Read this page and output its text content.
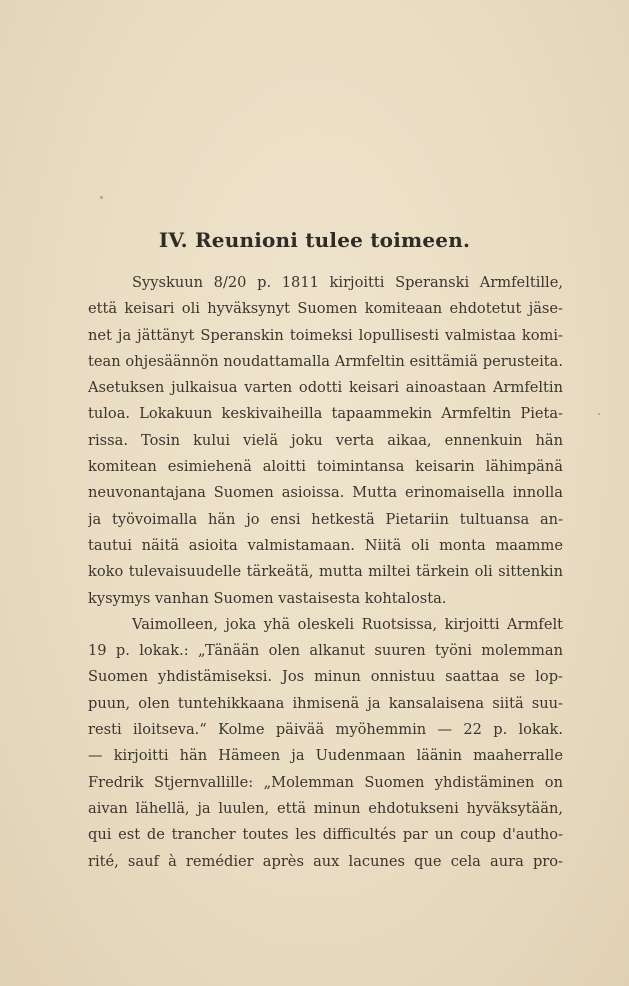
IV. Reunioni tulee toimeen.
Syyskuun 8/20 p. 1811 kirjoitti Speranski Armfeltille,
että keisari oli hyväksynyt Suomen komiteaan ehdotetut jäse-
net ja jättänyt Speranskin toimeksi lopullisesti valmistaa komi-
tean ohjesäännön noudattamalla Armfeltin esittämiä perusteita.
Asetuksen julkaisua varten odotti keisari ainoastaan Armfeltin
tuloa. Lokakuun keskivaiheilla tapaammekin Armfeltin Pieta-
rissa. Tosin kului vielä joku verta aikaa, ennenkuin hän
komitean esimiehenä aloitti toimintansa keisarin lähimpänä
neuvonantajana Suomen asioissa. Mutta erinomaisella innolla
ja työvoimalla hän jo ensi hetkestä Pietariin tultuansa an-
tautui näitä asioita valmistamaan. Niitä oli monta maamme
koko tulevaisuudelle tärkeätä, mutta miltei tärkein oli sittenkin
kysymys vanhan Suomen vastaisesta kohtalosta.
Vaimolleen, joka yhä oleskeli Ruotsissa, kirjoitti Armfelt
19 p. lokak.: „Tänään olen alkanut suuren työni molemman
Suomen yhdistämiseksi. Jos minun onnistuu saattaa se lop-
puun, olen tuntehikkaana ihmisenä ja kansalaisena siitä suu-
resti iloitseva.“ Kolme päivää myöhemmin — 22 p. lokak.
— kirjoitti hän Hämeen ja Uudenmaan läänin maaherralle
Fredrik Stjernvallille: „Molemman Suomen yhdistäminen on
aivan lähellä, ja luulen, että minun ehdotukseni hyväksytään,
qui est de trancher toutes les difficultés par un coup d'autho-
rité, sauf à remédier après aux lacunes que cela aura pro-
